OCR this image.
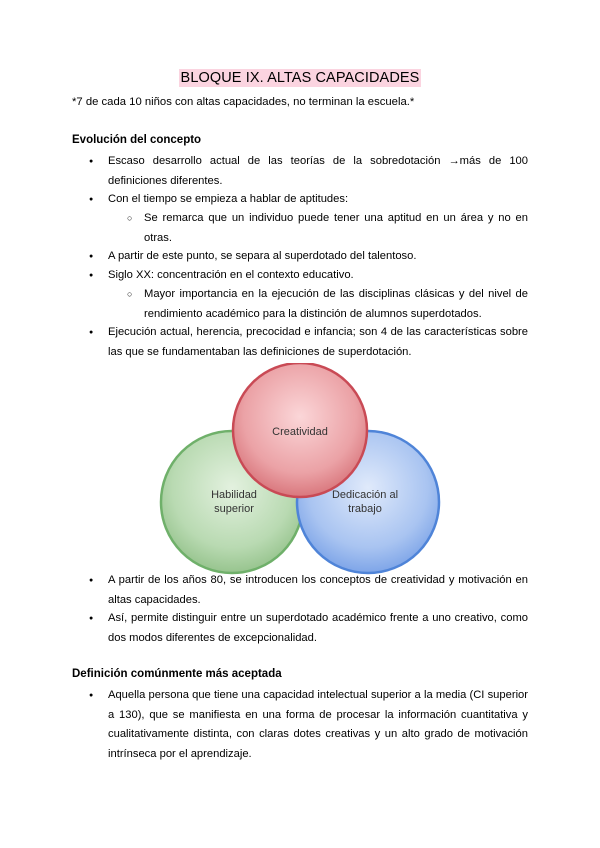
BLOQUE IX. ALTAS CAPACIDADES
*7 de cada 10 niños con altas capacidades, no terminan la escuela.*
Evolución del concepto
● Escaso desarrollo actual de las teorías de la sobredotación →más de 100 definiciones diferentes.
● Con el tiempo se empieza a hablar de aptitudes:
○ Se remarca que un individuo puede tener una aptitud en un área y no en otras.
● A partir de este punto, se separa al superdotado del talentoso.
● Siglo XX: concentración en el contexto educativo.
○ Mayor importancia en la ejecución de las disciplinas clásicas y del nivel de rendimiento académico para la distinción de alumnos superdotados.
● Ejecución actual, herencia, precocidad e infancia; son 4 de las características sobre las que se fundamentaban las definiciones de superdotación.
Creatividad
Habilidad
superior
Dedicación al
trabajo
● A partir de los años 80, se introducen los conceptos de creatividad y motivación en altas capacidades.
● Así, permite distinguir entre un superdotado académico frente a uno creativo, como dos modos diferentes de excepcionalidad.
Definición comúnmente más aceptada
● Aquella persona que tiene una capacidad intelectual superior a la media (CI superior a 130), que se manifiesta en una forma de procesar la información cuantitativa y cualitativamente distinta, con claras dotes creativas y un alto grado de motivación intrínseca por el aprendizaje.
